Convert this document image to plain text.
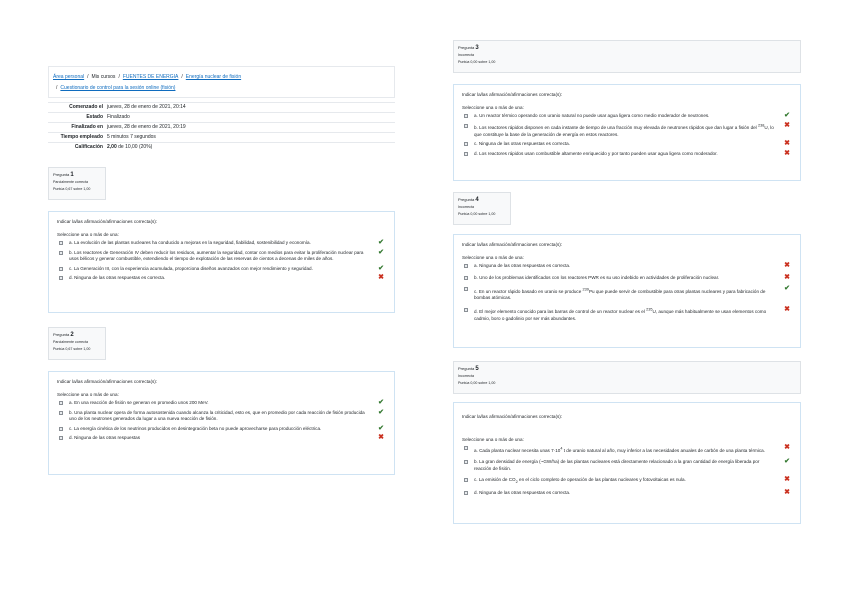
Área personal / Mis cursos / FUENTES DE ENERGIA / Energía nuclear de fisión
/ Cuestionario de control para la sesión online (fisión)
Comenzado el	jueves, 28 de enero de 2021, 20:14
Estado	Finalizado
Finalizado en	jueves, 28 de enero de 2021, 20:19
Tiempo empleado	5 minutos 7 segundos
Calificación	2,00 de 10,00 (20%)
Pregunta 1
Parcialmente correcta
Puntúa 0,67 sobre 1,00
Indicar la/las afirmación/afirmaciones correcta(s):
Seleccione una o más de una:
a. La evolución de las plantas nucleares ha conducido a mejoras en la seguridad, fiabilidad, sostenibilidad y economía.	✔
b. Los reactores de Generación IV deben reducir los residuos, aumentar la seguridad, contar con medios para evitar la proliferación nuclear para usos bélicos y generar combustible, extendiendo el tiempo de explotación de las reservas de cientos a decenas de miles de años.
✔
c. La Generación III, con la experiencia acumulada, proporciona diseños avanzados con mejor rendimiento y seguridad.	✔
d. Ninguna de las otras respuestas es correcta.	✖
Pregunta 2
Parcialmente correcta
Puntúa 0,67 sobre 1,00
Indicar la/las afirmación/afirmaciones correcta(s):
Seleccione una o más de una:
a. En una reacción de fisión se generan en promedio unos 200 MeV.	✔
b. Una planta nuclear opera de forma autosostenida cuando alcanza la criticidad, esto es, que en promedio por cada reacción de fisión producida uno de los neutrones generados da lugar a una nueva reacción de fisión.
✔
c. La energía cinética de los neutrinos producidos en desintegración beta no puede aprovecharse para producción eléctrica.	✔
d. Ninguna de las otras respuestas	✖
Pregunta 3
Incorrecta
Puntúa 0,00 sobre 1,00
Indicar la/las afirmación/afirmaciones correcta(s):
Seleccione una o más de una:
a. Un reactor térmico operando con uranio natural no puede usar agua ligera como medio moderador de neutrones.	✔
b. Los reactores rápidos disponen en cada instante de tiempo de una fracción muy elevada de neutrones rápidos que dan lugar a fisión del $^{238}$U, lo que constituye la base de la generación de energía en estos reactores.
✖
c. Ninguna de las otras respuestas es correcta.	✖
d. Los reactores rápidos usan combustible altamente enriquecido y por tanto pueden usar agua ligera como moderador.	✖
Pregunta 4
Incorrecta
Puntúa 0,00 sobre 1,00
Indicar la/las afirmación/afirmaciones correcta(s):
Seleccione una o más de una:
a. Ninguna de las otras respuestas es correcta.	✖
b. Uno de los problemas identificados con los reactores PWR es su uso indebido en actividades de proliferación nuclear.	✖
c. En un reactor rápido basado en uranio se produce $^{239}$Pu que puede servir de combustible para otras plantas nucleares y para fabricación de bombas atómicas.
✔
d. El mejor elemento conocido para las barras de control de un reactor nuclear es el $^{235}$U, aunque más habitualmente se usan elementos como cadmio, boro o gadolinio por ser más abundantes.
✖
Pregunta 5
Incorrecta
Puntúa 0,00 sobre 1,00
Indicar la/las afirmación/afirmaciones correcta(s):
Seleccione una o más de una:
a. Cada planta nuclear necesita unas $7\cdot 10^4$ t de uranio natural al año, muy inferior a las necesidades anuales de carbón de una planta térmica.	✖
b. La gran densidad de energía (~GW/ha) de las plantas nucleares está directamente relacionado a la gran cantidad de energía liberada por reacción de fisión.
✔
c. La emisión de $CO_2$ en el ciclo completo de operación de las plantas nucleares y fotovoltaicas es nula.	✖
d. Ninguna de las otras respuestas es correcta.	✖
